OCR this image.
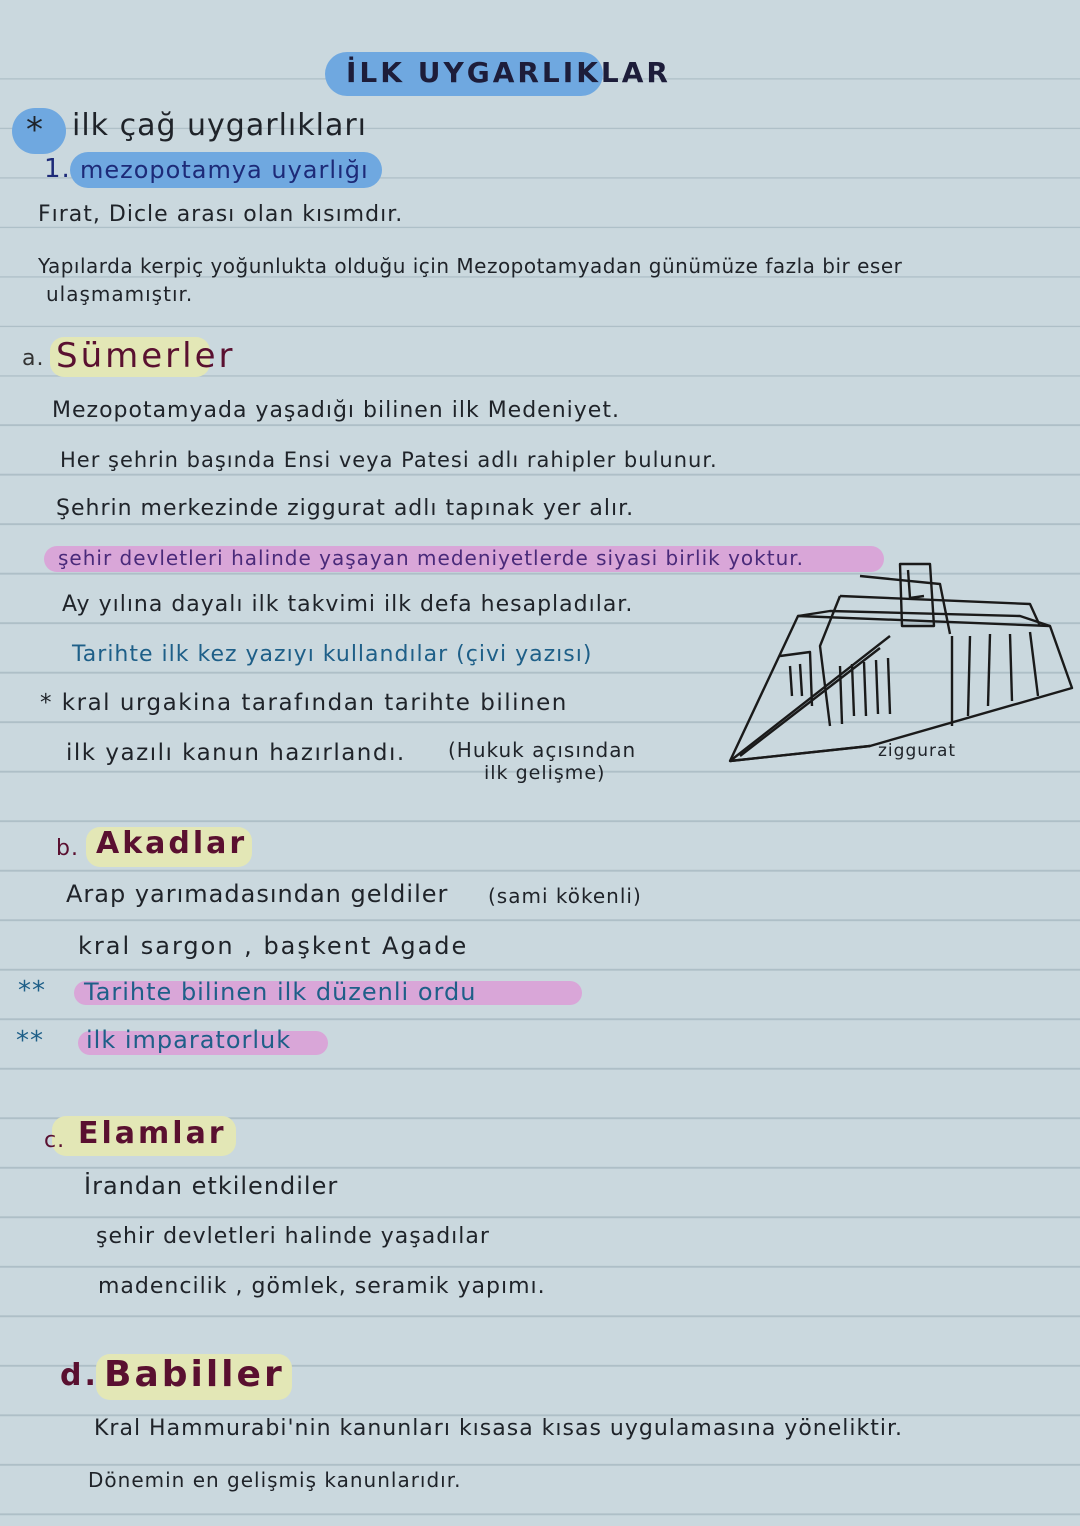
İLK UYGARLIKLAR
* ilk çağ uygarlıkları
1. mezopotamya uyarlığı
Fırat, Dicle arası olan kısımdır.
Yapılarda kerpiç yoğunlukta olduğu için Mezopotamyadan günümüze fazla bir eser
ulaşmamıştır.
a. Sümerler
Mezopotamyada yaşadığı bilinen ilk Medeniyet.
Her şehrin başında Ensi veya Patesi adlı rahipler bulunur.
Şehrin merkezinde ziggurat adlı tapınak yer alır.
şehir devletleri halinde yaşayan medeniyetlerde siyasi birlik yoktur.
Ay yılına dayalı ilk takvimi ilk defa hesapladılar.
Tarihte ilk kez yazıyı kullandılar (çivi yazısı)
* kral urgakina tarafından tarihte bilinen
ilk yazılı kanun hazırlandı. (Hukuk açısından
ilk gelişme)
ziggurat
b. Akadlar
Arap yarımadasından geldiler (sami kökenli)
kral sargon , başkent Agade
** Tarihte bilinen ilk düzenli ordu
** ilk imparatorluk
c. Elamlar
İrandan etkilendiler
şehir devletleri halinde yaşadılar
madencilik , gömlek, seramik yapımı.
d. Babiller
Kral Hammurabi'nin kanunları kısasa kısas uygulamasına yöneliktir.
Dönemin en gelişmiş kanunlarıdır.
